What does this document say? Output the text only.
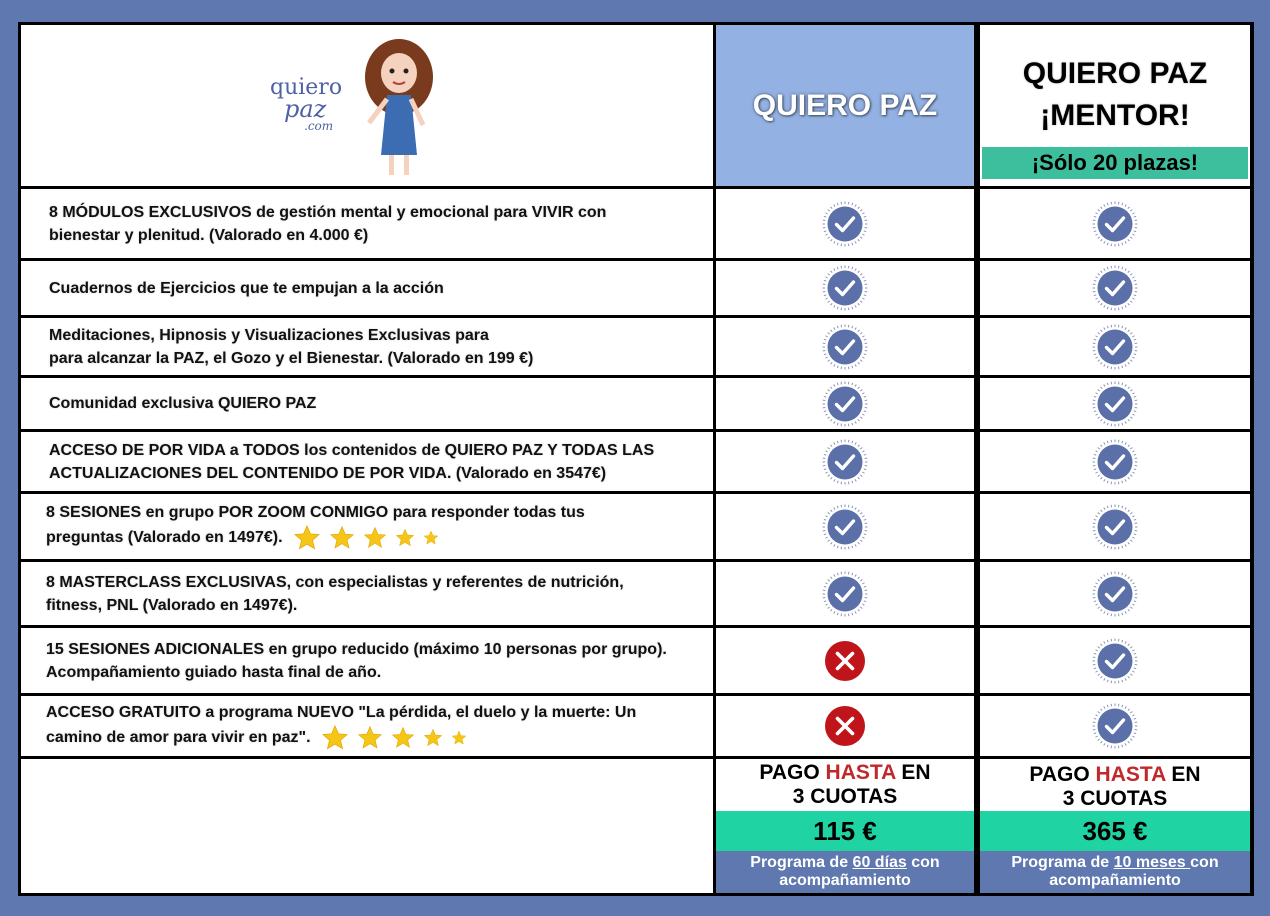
quiero
paz
.com
QUIERO PAZ
QUIERO PAZ
¡MENTOR!
¡Sólo 20 plazas!
PAGO HASTA EN
3 CUOTAS
115 €
Programa de 60 días con
acompañamiento
PAGO HASTA EN
3 CUOTAS
365 €
Programa de 10 meses con
acompañamiento
8 MÓDULOS EXCLUSIVOS de gestión mental y emocional para VIVIR con
bienestar y plenitud. (Valorado en 4.000 €)
Cuadernos de Ejercicios que te empujan a la acción
Meditaciones, Hipnosis y Visualizaciones Exclusivas para
para alcanzar la PAZ, el Gozo y el Bienestar. (Valorado en 199 €)
Comunidad exclusiva QUIERO PAZ
ACCESO DE POR VIDA a TODOS los contenidos de QUIERO PAZ Y TODAS LAS
ACTUALIZACIONES DEL CONTENIDO DE POR VIDA. (Valorado en 3547€)
8 SESIONES en grupo POR ZOOM CONMIGO para responder todas tus
preguntas (Valorado en 1497€).
8 MASTERCLASS EXCLUSIVAS, con especialistas y referentes de nutrición,
fitness, PNL (Valorado en 1497€).
15 SESIONES ADICIONALES en grupo reducido (máximo 10 personas por grupo).
Acompañamiento guiado hasta final de año.
ACCESO GRATUITO a programa NUEVO "La pérdida, el duelo y la muerte: Un
camino de amor para vivir en paz".
